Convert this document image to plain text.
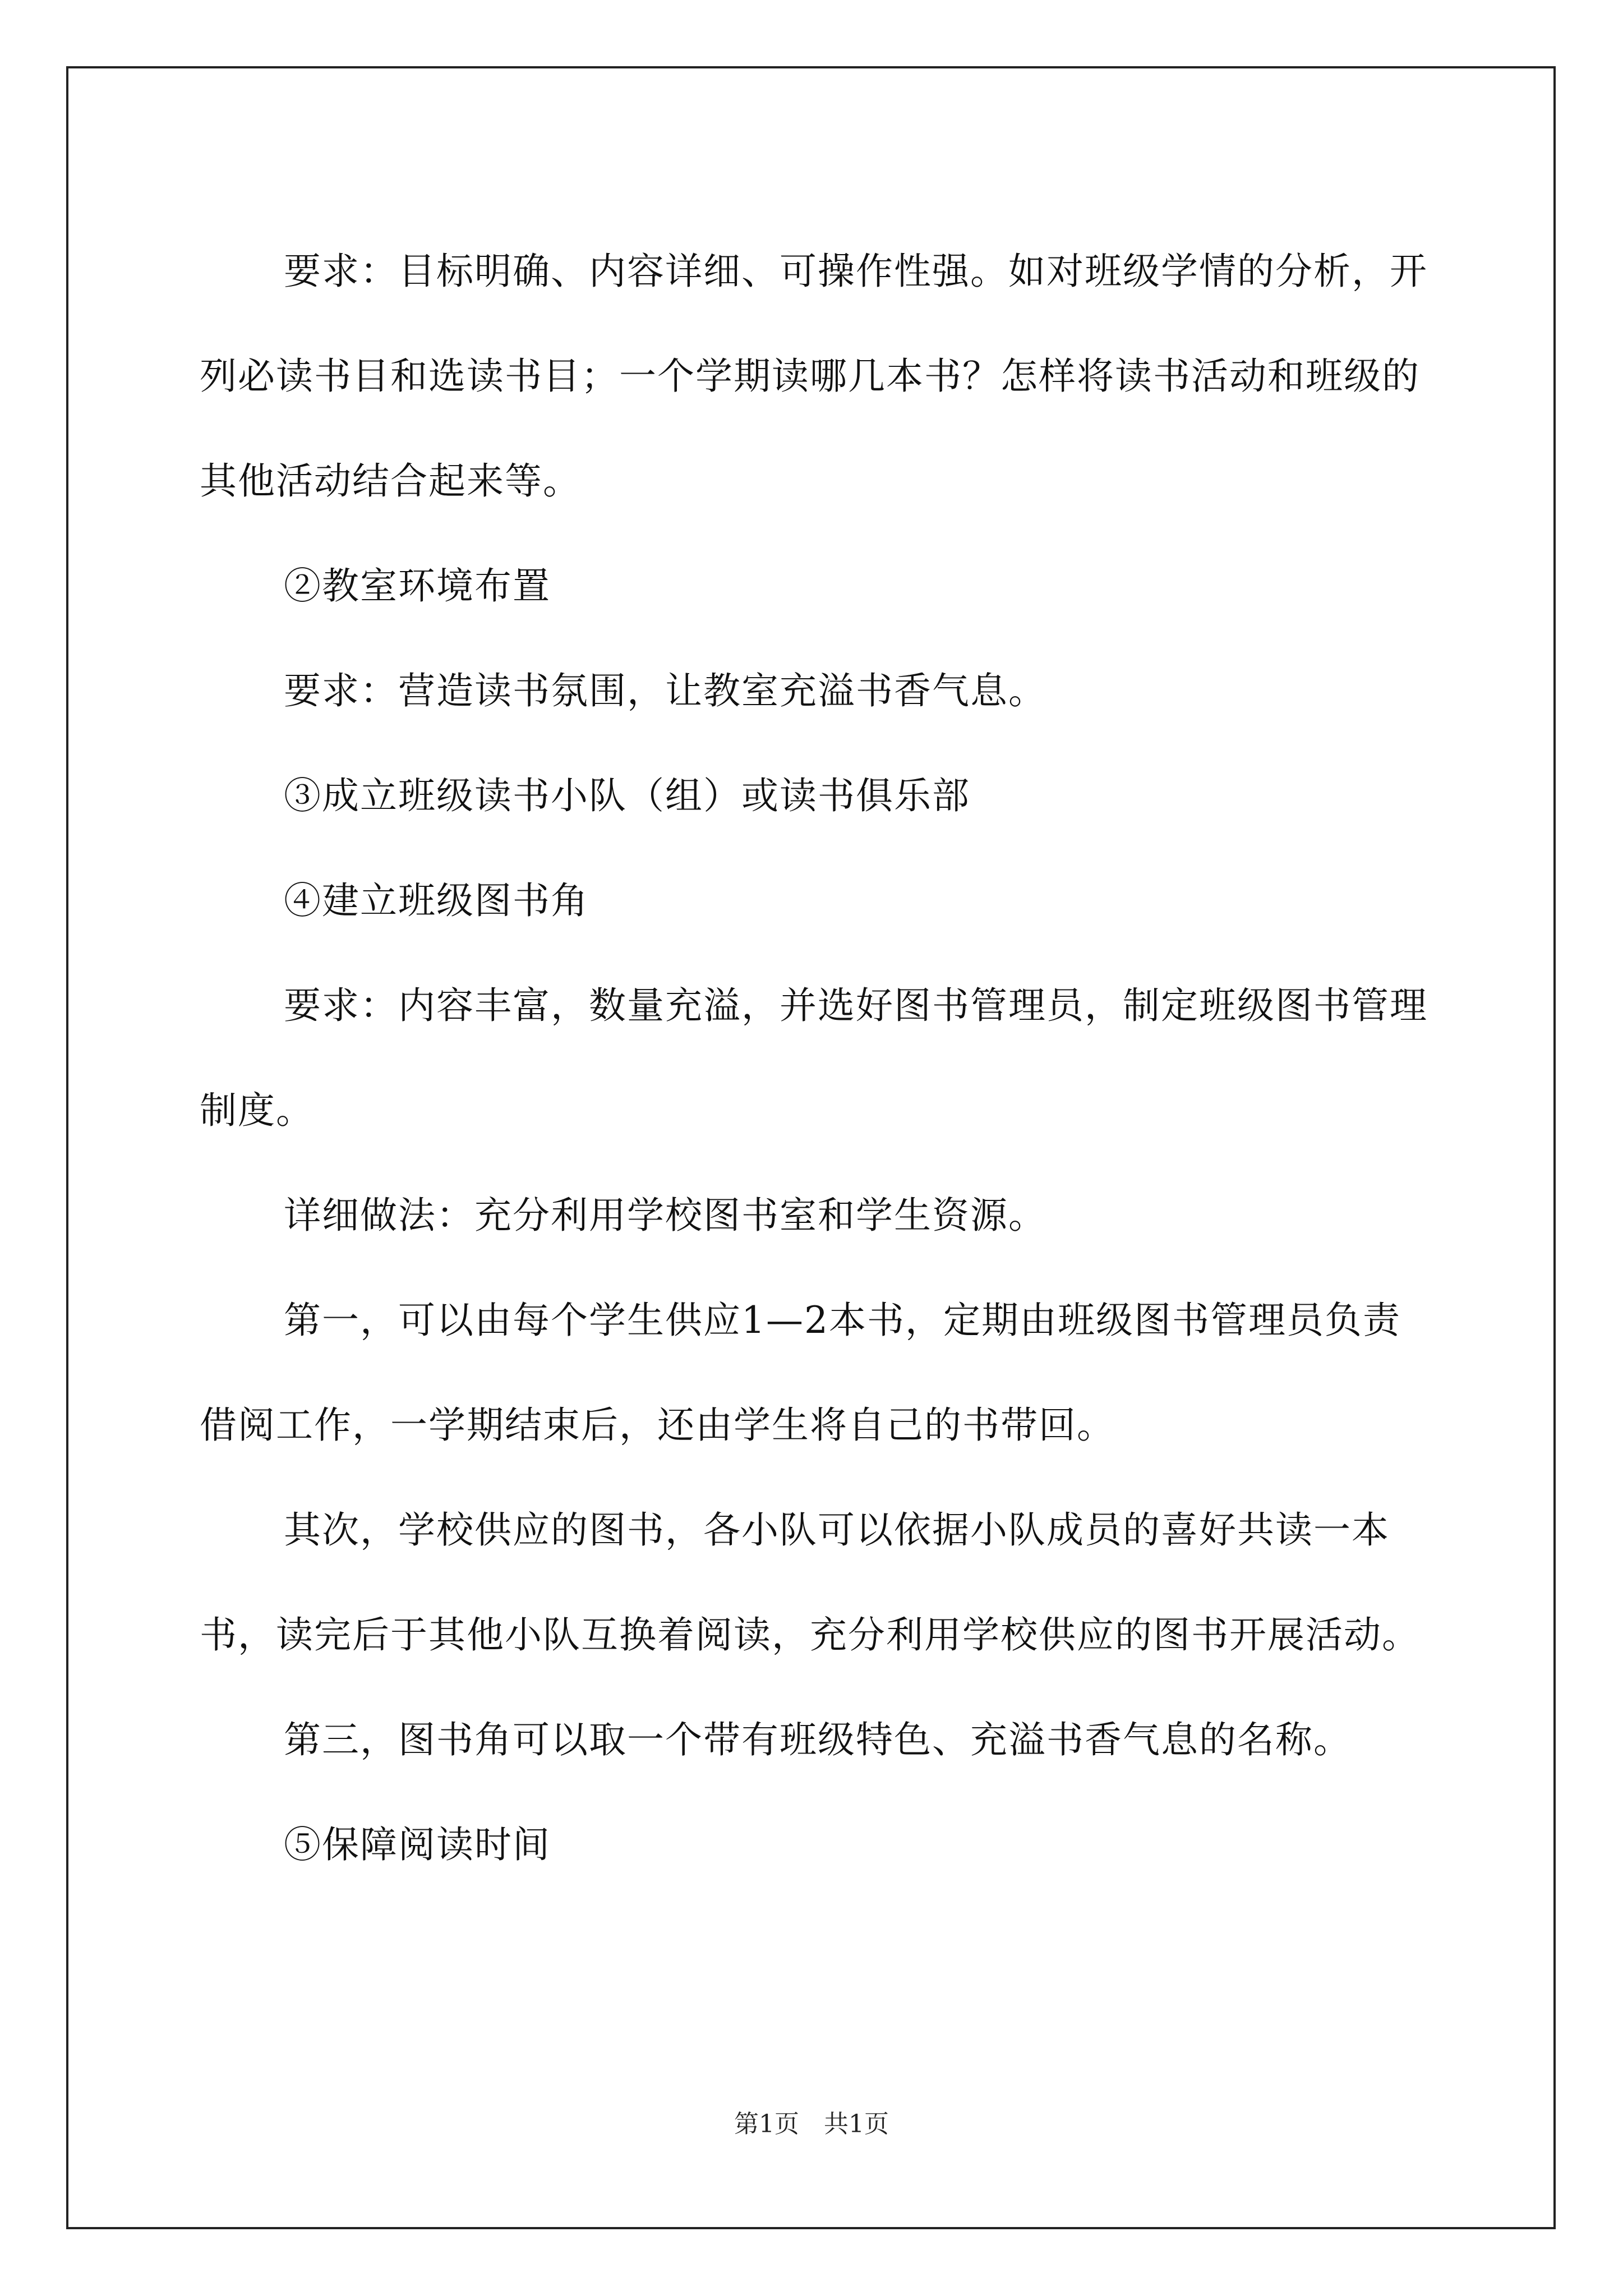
要求：目标明确、内容详细、可操作性强。如对班级学情的分析，开列必读书目和选读书目；一个学期读哪几本书？怎样将读书活动和班级的其他活动结合起来等。

②教室环境布置

要求：营造读书氛围，让教室充溢书香气息。

③成立班级读书小队（组）或读书俱乐部

④建立班级图书角

要求：内容丰富，数量充溢，并选好图书管理员，制定班级图书管理制度。

详细做法：充分利用学校图书室和学生资源。

第一，可以由每个学生供应1—2本书，定期由班级图书管理员负责借阅工作，一学期结束后，还由学生将自己的书带回。

其次，学校供应的图书，各小队可以依据小队成员的喜好共读一本书，读完后于其他小队互换着阅读，充分利用学校供应的图书开展活动。

第三，图书角可以取一个带有班级特色、充溢书香气息的名称。

⑤保障阅读时间

第1页　共1页
